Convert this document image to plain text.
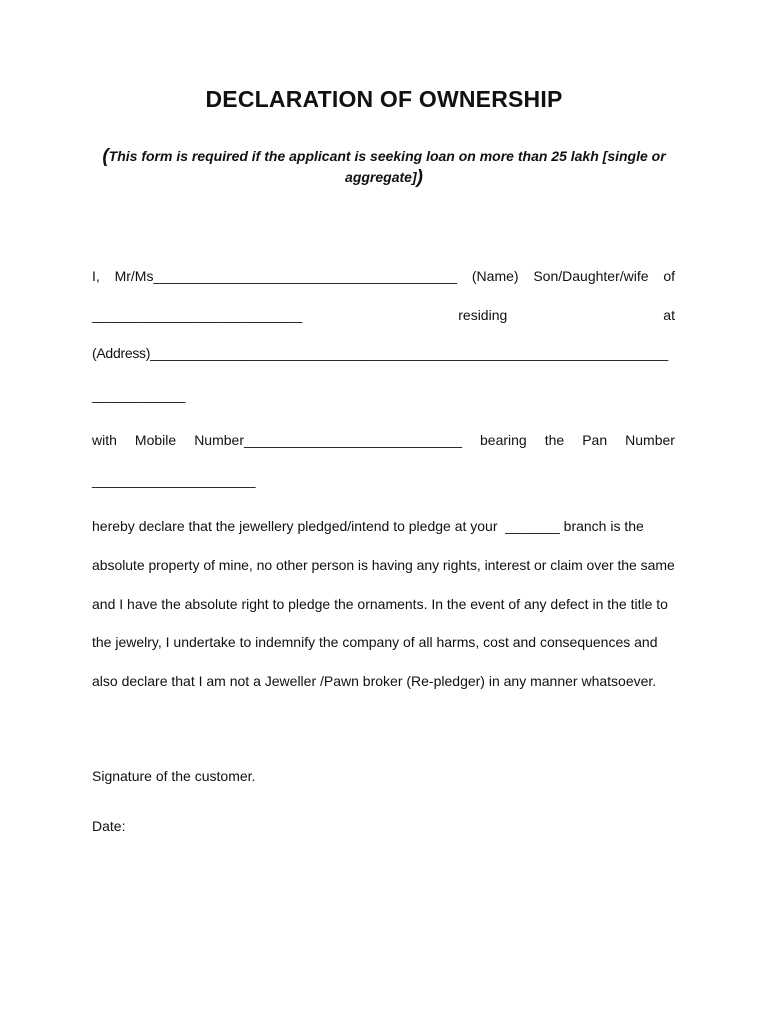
DECLARATION OF OWNERSHIP
(This form is required if the applicant is seeking loan on more than 25 lakh [single or
aggregate])
I, Mr/Ms_______________________________________ (Name) Son/Daughter/wife of
___________________________	residing	at
(Address)_____________________________________________________________________
____________
with Mobile Number____________________________ bearing the Pan Number
_____________________
hereby declare that the jewellery pledged/intend to pledge at your  _______ branch is the
absolute property of mine, no other person is having any rights, interest or claim over the same
and I have the absolute right to pledge the ornaments. In the event of any defect in the title to
the jewelry, I undertake to indemnify the company of all harms, cost and consequences and
also declare that I am not a Jeweller /Pawn broker (Re-pledger) in any manner whatsoever.
Signature of the customer.
Date:
